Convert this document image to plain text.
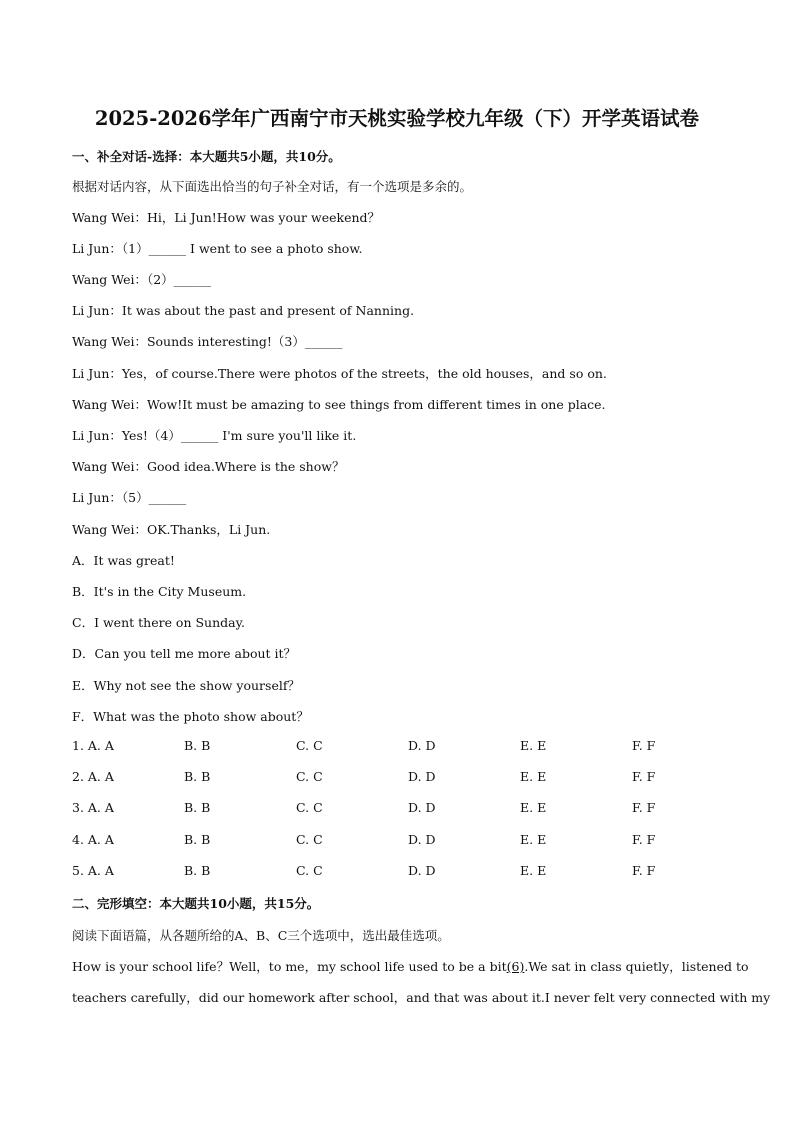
2025-2026学年广西南宁市天桃实验学校九年级（下）开学英语试卷
一、补全对话-选择：本大题共5小题，共10分。
根据对话内容，从下面选出恰当的句子补全对话，有一个选项是多余的。
Wang Wei：Hi，Li Jun!How was your weekend？
Li Jun：（1）______ I went to see a photo show.
Wang Wei：（2）______
Li Jun：It was about the past and present of Nanning.
Wang Wei：Sounds interesting!（3）______
Li Jun：Yes，of course.There were photos of the streets，the old houses，and so on.
Wang Wei：Wow!It must be amazing to see things from different times in one place.
Li Jun：Yes!（4）______ I'm sure you'll like it.
Wang Wei：Good idea.Where is the show？
Li Jun：（5）______
Wang Wei：OK.Thanks，Li Jun.
A．It was great!
B．It's in the City Museum.
C．I went there on Sunday.
D．Can you tell me more about it？
E．Why not see the show yourself？
F．What was the photo show about？
1. A. A	B. B	C. C	D. D	E. E	F. F
2. A. A	B. B	C. C	D. D	E. E	F. F
3. A. A	B. B	C. C	D. D	E. E	F. F
4. A. A	B. B	C. C	D. D	E. E	F. F
5. A. A	B. B	C. C	D. D	E. E	F. F
二、完形填空：本大题共10小题，共15分。
阅读下面语篇，从各题所给的A、B、C三个选项中，选出最佳选项。
How is your school life？Well，to me，my school life used to be a bit(6).We sat in class quietly，listened to
teachers carefully，did our homework after school，and that was about it.I never felt very connected with my
